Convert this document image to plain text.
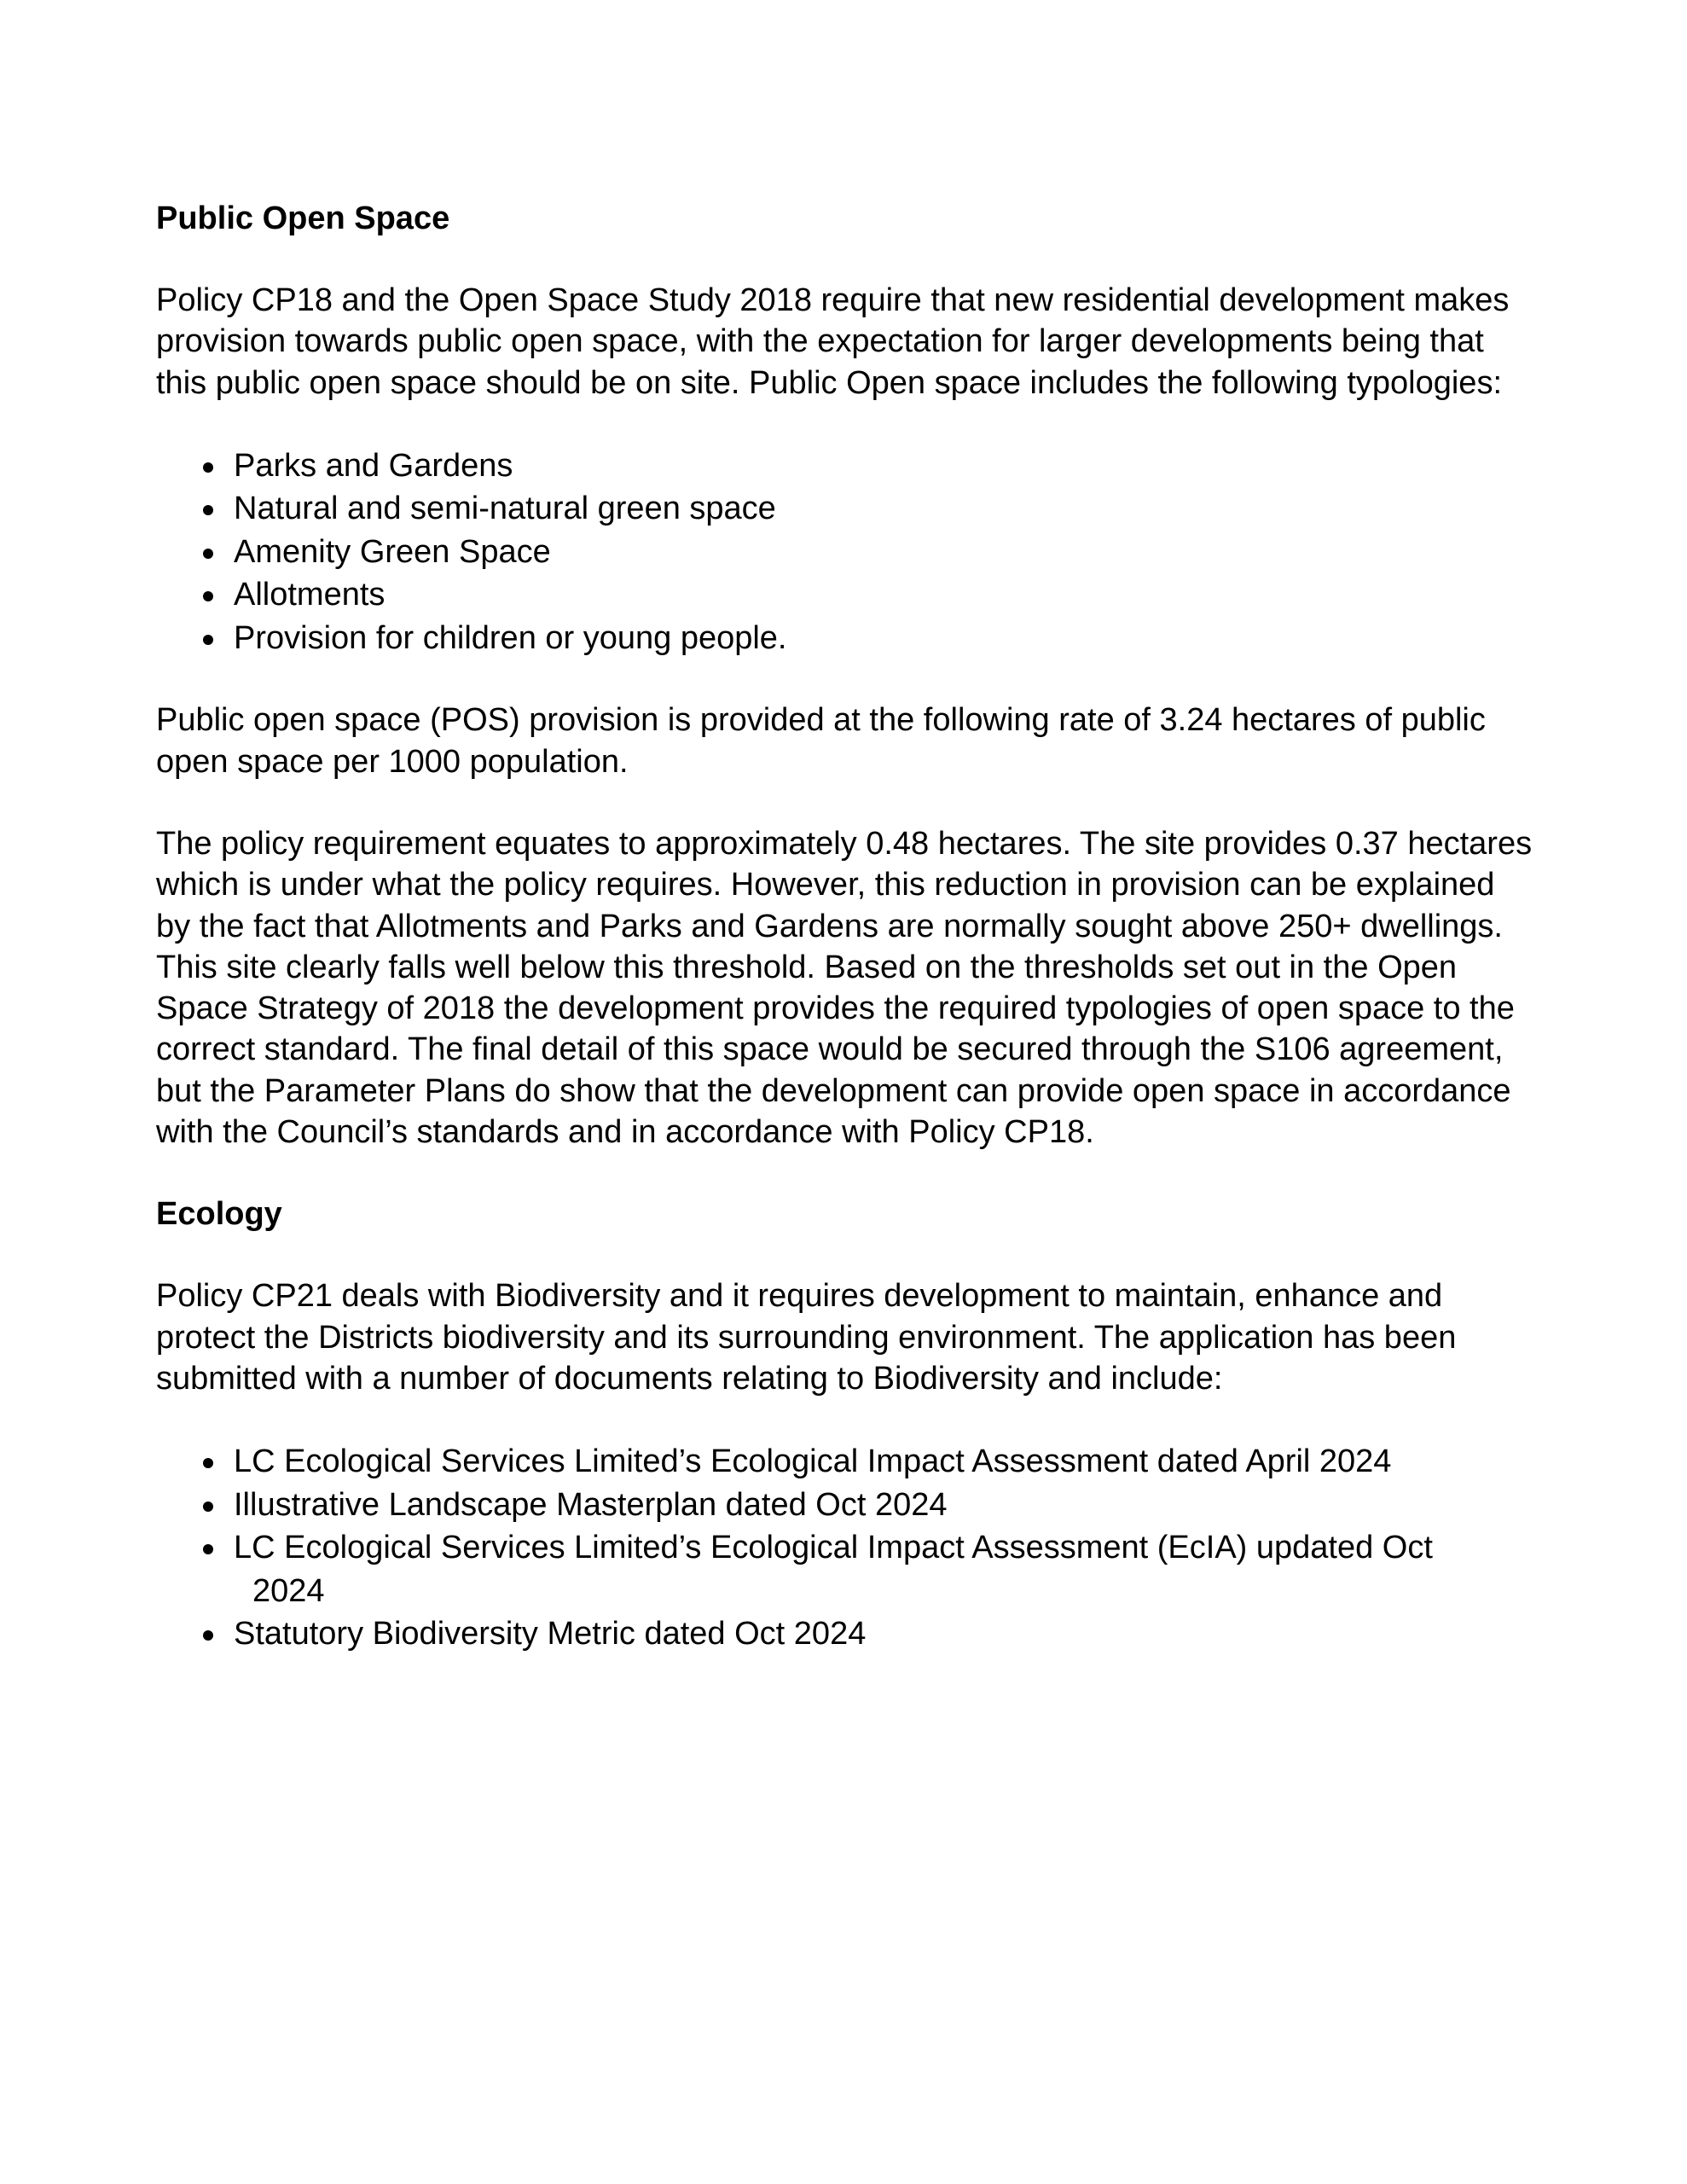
Public Open Space

Policy CP18 and the Open Space Study 2018 require that new residential development makes provision towards public open space, with the expectation for larger developments being that this public open space should be on site. Public Open space includes the following typologies:

Parks and Gardens
Natural and semi-natural green space
Amenity Green Space
Allotments
Provision for children or young people.

Public open space (POS) provision is provided at the following rate of 3.24 hectares of public open space per 1000 population.

The policy requirement equates to approximately 0.48 hectares. The site provides 0.37 hectares which is under what the policy requires. However, this reduction in provision can be explained by the fact that Allotments and Parks and Gardens are normally sought above 250+ dwellings. This site clearly falls well below this threshold. Based on the thresholds set out in the Open Space Strategy of 2018 the development provides the required typologies of open space to the correct standard. The final detail of this space would be secured through the S106 agreement, but the Parameter Plans do show that the development can provide open space in accordance with the Council’s standards and in accordance with Policy CP18.

Ecology

Policy CP21 deals with Biodiversity and it requires development to maintain, enhance and protect the Districts biodiversity and its surrounding environment. The application has been submitted with a number of documents relating to Biodiversity and include:

LC Ecological Services Limited’s Ecological Impact Assessment dated April 2024
Illustrative Landscape Masterplan dated Oct 2024
LC Ecological Services Limited’s Ecological Impact Assessment (EcIA) updated Oct
2024
Statutory Biodiversity Metric dated Oct 2024
